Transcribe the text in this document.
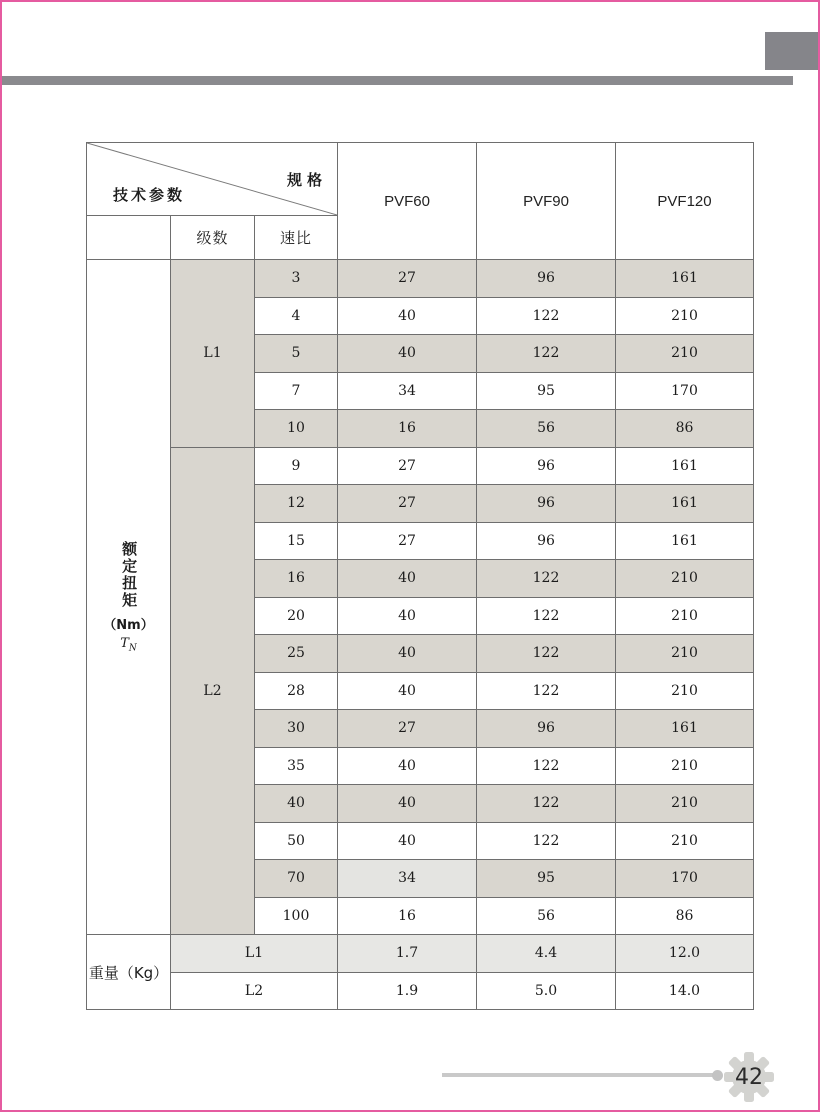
规格
技术参数			PVF60	PVF90	PVF120
	级数	速比			

额定扭矩
（Nm）
$T_N$	L1	3	27	96	161
		4	40	122	210
		5	40	122	210
		7	34	95	170
		10	16	56	86
	L2	9	27	96	161
		12	27	96	161
		15	27	96	161
		16	40	122	210
		20	40	122	210
		25	40	122	210
		28	40	122	210
		30	27	96	161
		35	40	122	210
		40	40	122	210
		50	40	122	210
		70	34	95	170
		100	16	56	86
重量（Kg）	L1		1.7	4.4	12.0
	L2		1.9	5.0	14.0
42
